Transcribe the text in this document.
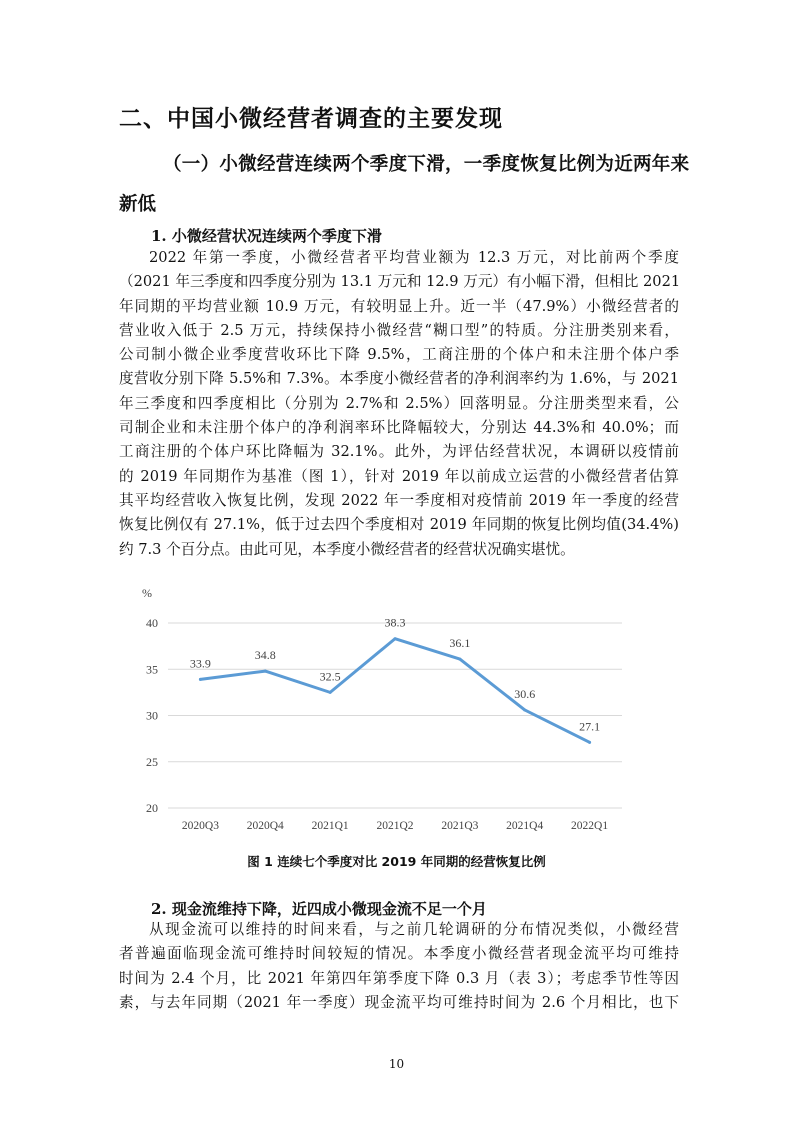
二、中国小微经营者调查的主要发现
（一）小微经营连续两个季度下滑，一季度恢复比例为近两年来
新低
1. 小微经营状况连续两个季度下滑
2022 年第一季度，小微经营者平均营业额为 12.3 万元，对比前两个季度
（2021 年三季度和四季度分别为 13.1 万元和 12.9 万元）有小幅下滑，但相比 2021
年同期的平均营业额 10.9 万元，有较明显上升。近一半（47.9%）小微经营者的
营业收入低于 2.5 万元，持续保持小微经营“糊口型”的特质。分注册类别来看，
公司制小微企业季度营收环比下降 9.5%，工商注册的个体户和未注册个体户季
度营收分别下降 5.5%和 7.3%。本季度小微经营者的净利润率约为 1.6%，与 2021
年三季度和四季度相比（分别为 2.7%和 2.5%）回落明显。分注册类型来看，公
司制企业和未注册个体户的净利润率环比降幅较大，分别达 44.3%和 40.0%；而
工商注册的个体户环比降幅为 32.1%。此外，为评估经营状况，本调研以疫情前
的 2019 年同期作为基准（图 1），针对 2019 年以前成立运营的小微经营者估算
其平均经营收入恢复比例，发现 2022 年一季度相对疫情前 2019 年一季度的经营
恢复比例仅有 27.1%，低于过去四个季度相对 2019 年同期的恢复比例均值(34.4%)
约 7.3 个百分点。由此可见，本季度小微经营者的经营状况确实堪忧。
%
20
25
30
35
40
2020Q3 2020Q4 2021Q1 2021Q2 2021Q3 2021Q4 2022Q1
33.9
34.8
32.5
38.3
36.1
30.6
27.1
图 1 连续七个季度对比 2019 年同期的经营恢复比例
2. 现金流维持下降，近四成小微现金流不足一个月
从现金流可以维持的时间来看，与之前几轮调研的分布情况类似，小微经营
者普遍面临现金流可维持时间较短的情况。本季度小微经营者现金流平均可维持
时间为 2.4 个月，比 2021 年第四年第季度下降 0.3 月（表 3）；考虑季节性等因
素，与去年同期（2021 年一季度）现金流平均可维持时间为 2.6 个月相比，也下
10
